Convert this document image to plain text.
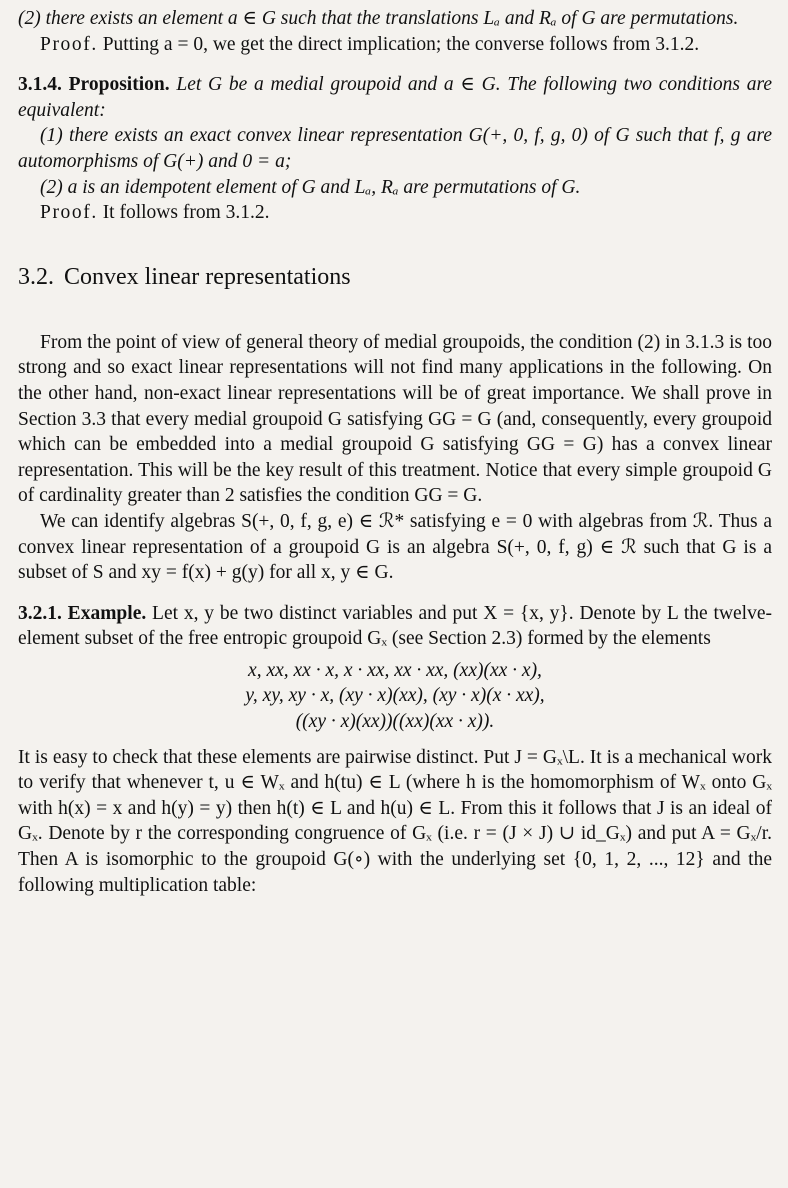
(2) there exists an element a ∈ G such that the translations Lₐ and Rₐ of G are permutations.

Proof. Putting a = 0, we get the direct implication; the converse follows from 3.1.2.

3.1.4. Proposition. Let G be a medial groupoid and a ∈ G. The following two conditions are equivalent:

(1) there exists an exact convex linear representation G(+, 0, f, g, 0) of G such that f, g are automorphisms of G(+) and 0 = a;

(2) a is an idempotent element of G and Lₐ, Rₐ are permutations of G.

Proof. It follows from 3.1.2.

3.2. Convex linear representations

From the point of view of general theory of medial groupoids, the condition (2) in 3.1.3 is too strong and so exact linear representations will not find many applications in the following. On the other hand, non-exact linear representations will be of great importance. We shall prove in Section 3.3 that every medial groupoid G satisfying GG = G (and, consequently, every groupoid which can be embedded into a medial groupoid G satisfying GG = G) has a convex linear representation. This will be the key result of this treatment. Notice that every simple groupoid G of cardinality greater than 2 satisfies the condition GG = G.

We can identify algebras S(+, 0, f, g, e) ∈ ℛ* satisfying e = 0 with algebras from ℛ. Thus a convex linear representation of a groupoid G is an algebra S(+, 0, f, g) ∈ ℛ such that G is a subset of S and xy = f(x) + g(y) for all x, y ∈ G.

3.2.1. Example. Let x, y be two distinct variables and put X = {x, y}. Denote by L the twelve-element subset of the free entropic groupoid Gₓ (see Section 2.3) formed by the elements

x, xx, xx · x, x · xx, xx · xx, (xx)(xx · x),
y, xy, xy · x, (xy · x)(xx), (xy · x)(x · xx),
((xy · x)(xx))((xx)(xx · x)).

It is easy to check that these elements are pairwise distinct. Put J = Gₓ\L. It is a mechanical work to verify that whenever t, u ∈ Wₓ and h(tu) ∈ L (where h is the homomorphism of Wₓ onto Gₓ with h(x) = x and h(y) = y) then h(t) ∈ L and h(u) ∈ L. From this it follows that J is an ideal of Gₓ. Denote by r the corresponding congruence of Gₓ (i.e. r = (J × J) ∪ id_Gₓ) and put A = Gₓ/r. Then A is isomorphic to the groupoid G(∘) with the underlying set {0, 1, 2, ..., 12} and the following multiplication table:
